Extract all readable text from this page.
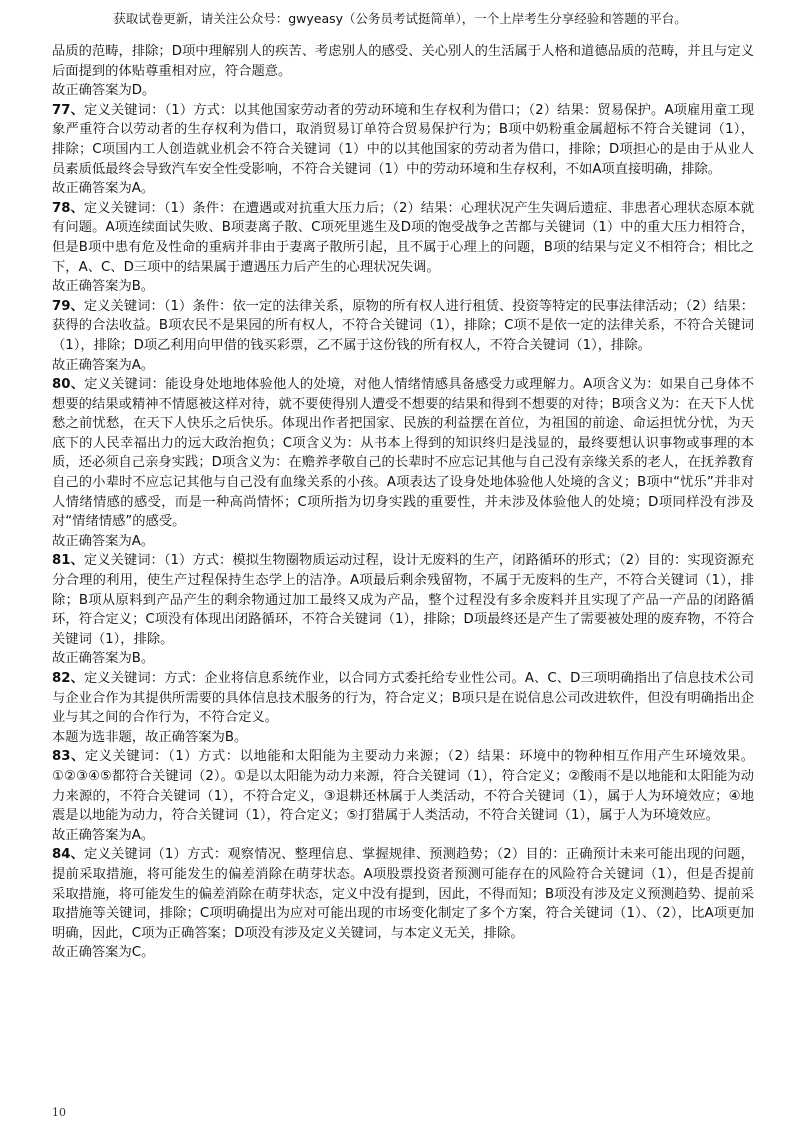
获取试卷更新，请关注公众号：gwyeasy（公务员考试挺简单），一个上岸考生分享经验和答题的平台。

品质的范畴，排除；D项中理解别人的疾苦、考虑别人的感受、关心别人的生活属于人格和道德品质的范畴，并且与定义后面提到的体贴尊重相对应，符合题意。

故正确答案为D。

77、定义关键词：（1）方式：以其他国家劳动者的劳动环境和生存权利为借口；（2）结果：贸易保护。A项雇用童工现象严重符合以劳动者的生存权利为借口，取消贸易订单符合贸易保护行为；B项中奶粉重金属超标不符合关键词（1），排除；C项国内工人创造就业机会不符合关键词（1）中的以其他国家的劳动者为借口，排除；D项担心的是由于从业人员素质低最终会导致汽车安全性受影响，不符合关键词（1）中的劳动环境和生存权利，不如A项直接明确，排除。

故正确答案为A。

78、定义关键词：（1）条件：在遭遇或对抗重大压力后；（2）结果：心理状况产生失调后遗症、非患者心理状态原本就有问题。A项连续面试失败、B项妻离子散、C项死里逃生及D项的饱受战争之苦都与关键词（1）中的重大压力相符合，但是B项中患有危及性命的重病并非由于妻离子散所引起，且不属于心理上的问题，B项的结果与定义不相符合；相比之下，A、C、D三项中的结果属于遭遇压力后产生的心理状况失调。

故正确答案为B。

79、定义关键词：（1）条件：依一定的法律关系，原物的所有权人进行租赁、投资等特定的民事法律活动；（2）结果：获得的合法收益。B项农民不是果园的所有权人，不符合关键词（1），排除；C项不是依一定的法律关系，不符合关键词（1），排除；D项乙利用向甲借的钱买彩票，乙不属于这份钱的所有权人，不符合关键词（1），排除。

故正确答案为A。

80、定义关键词：能设身处地地体验他人的处境，对他人情绪情感具备感受力或理解力。A项含义为：如果自己身体不想要的结果或精神不情愿被这样对待，就不要使得别人遭受不想要的结果和得到不想要的对待；B项含义为：在天下人忧愁之前忧愁，在天下人快乐之后快乐。体现出作者把国家、民族的利益摆在首位，为祖国的前途、命运担忧分忧，为天底下的人民幸福出力的远大政治抱负；C项含义为：从书本上得到的知识终归是浅显的，最终要想认识事物或事理的本质，还必须自己亲身实践；D项含义为：在赡养孝敬自己的长辈时不应忘记其他与自己没有亲缘关系的老人，在抚养教育自己的小辈时不应忘记其他与自己没有血缘关系的小孩。A项表达了设身处地体验他人处境的含义；B项中“忧乐”并非对人情绪情感的感受，而是一种高尚情怀；C项所指为切身实践的重要性，并未涉及体验他人的处境；D项同样没有涉及对“情绪情感”的感受。

故正确答案为A。

81、定义关键词：（1）方式：模拟生物圈物质运动过程，设计无废料的生产，闭路循环的形式；（2）目的：实现资源充分合理的利用，使生产过程保持生态学上的洁净。A项最后剩余残留物，不属于无废料的生产，不符合关键词（1），排除；B项从原料到产品产生的剩余物通过加工最终又成为产品，整个过程没有多余废料并且实现了产品一产品的闭路循环，符合定义；C项没有体现出闭路循环，不符合关键词（1），排除；D项最终还是产生了需要被处理的废弃物，不符合关键词（1），排除。

故正确答案为B。

82、定义关键词：方式：企业将信息系统作业，以合同方式委托给专业性公司。A、C、D三项明确指出了信息技术公司与企业合作为其提供所需要的具体信息技术服务的行为，符合定义；B项只是在说信息公司改进软件，但没有明确指出企业与其之间的合作行为，不符合定义。

本题为选非题，故正确答案为B。

83、定义关键词：（1）方式：以地能和太阳能为主要动力来源；（2）结果：环境中的物种相互作用产生环境效果。①②③④⑤都符合关键词（2）。①是以太阳能为动力来源，符合关键词（1），符合定义；②酸雨不是以地能和太阳能为动力来源的，不符合关键词（1），不符合定义，③退耕还林属于人类活动，不符合关键词（1），属于人为环境效应；④地震是以地能为动力，符合关键词（1），符合定义；⑤打猎属于人类活动，不符合关键词（1），属于人为环境效应。

故正确答案为A。

84、定义关键词（1）方式：观察情况、整理信息、掌握规律、预测趋势；（2）目的：正确预计未来可能出现的问题，提前采取措施，将可能发生的偏差消除在萌芽状态。A项股票投资者预测可能存在的风险符合关键词（1），但是否提前采取措施，将可能发生的偏差消除在萌芽状态，定义中没有提到，因此，不得而知；B项没有涉及定义预测趋势、提前采取措施等关键词，排除；C项明确提出为应对可能出现的市场变化制定了多个方案，符合关键词（1）、（2），比A项更加明确，因此，C项为正确答案；D项没有涉及定义关键词，与本定义无关，排除。

故正确答案为C。

10
